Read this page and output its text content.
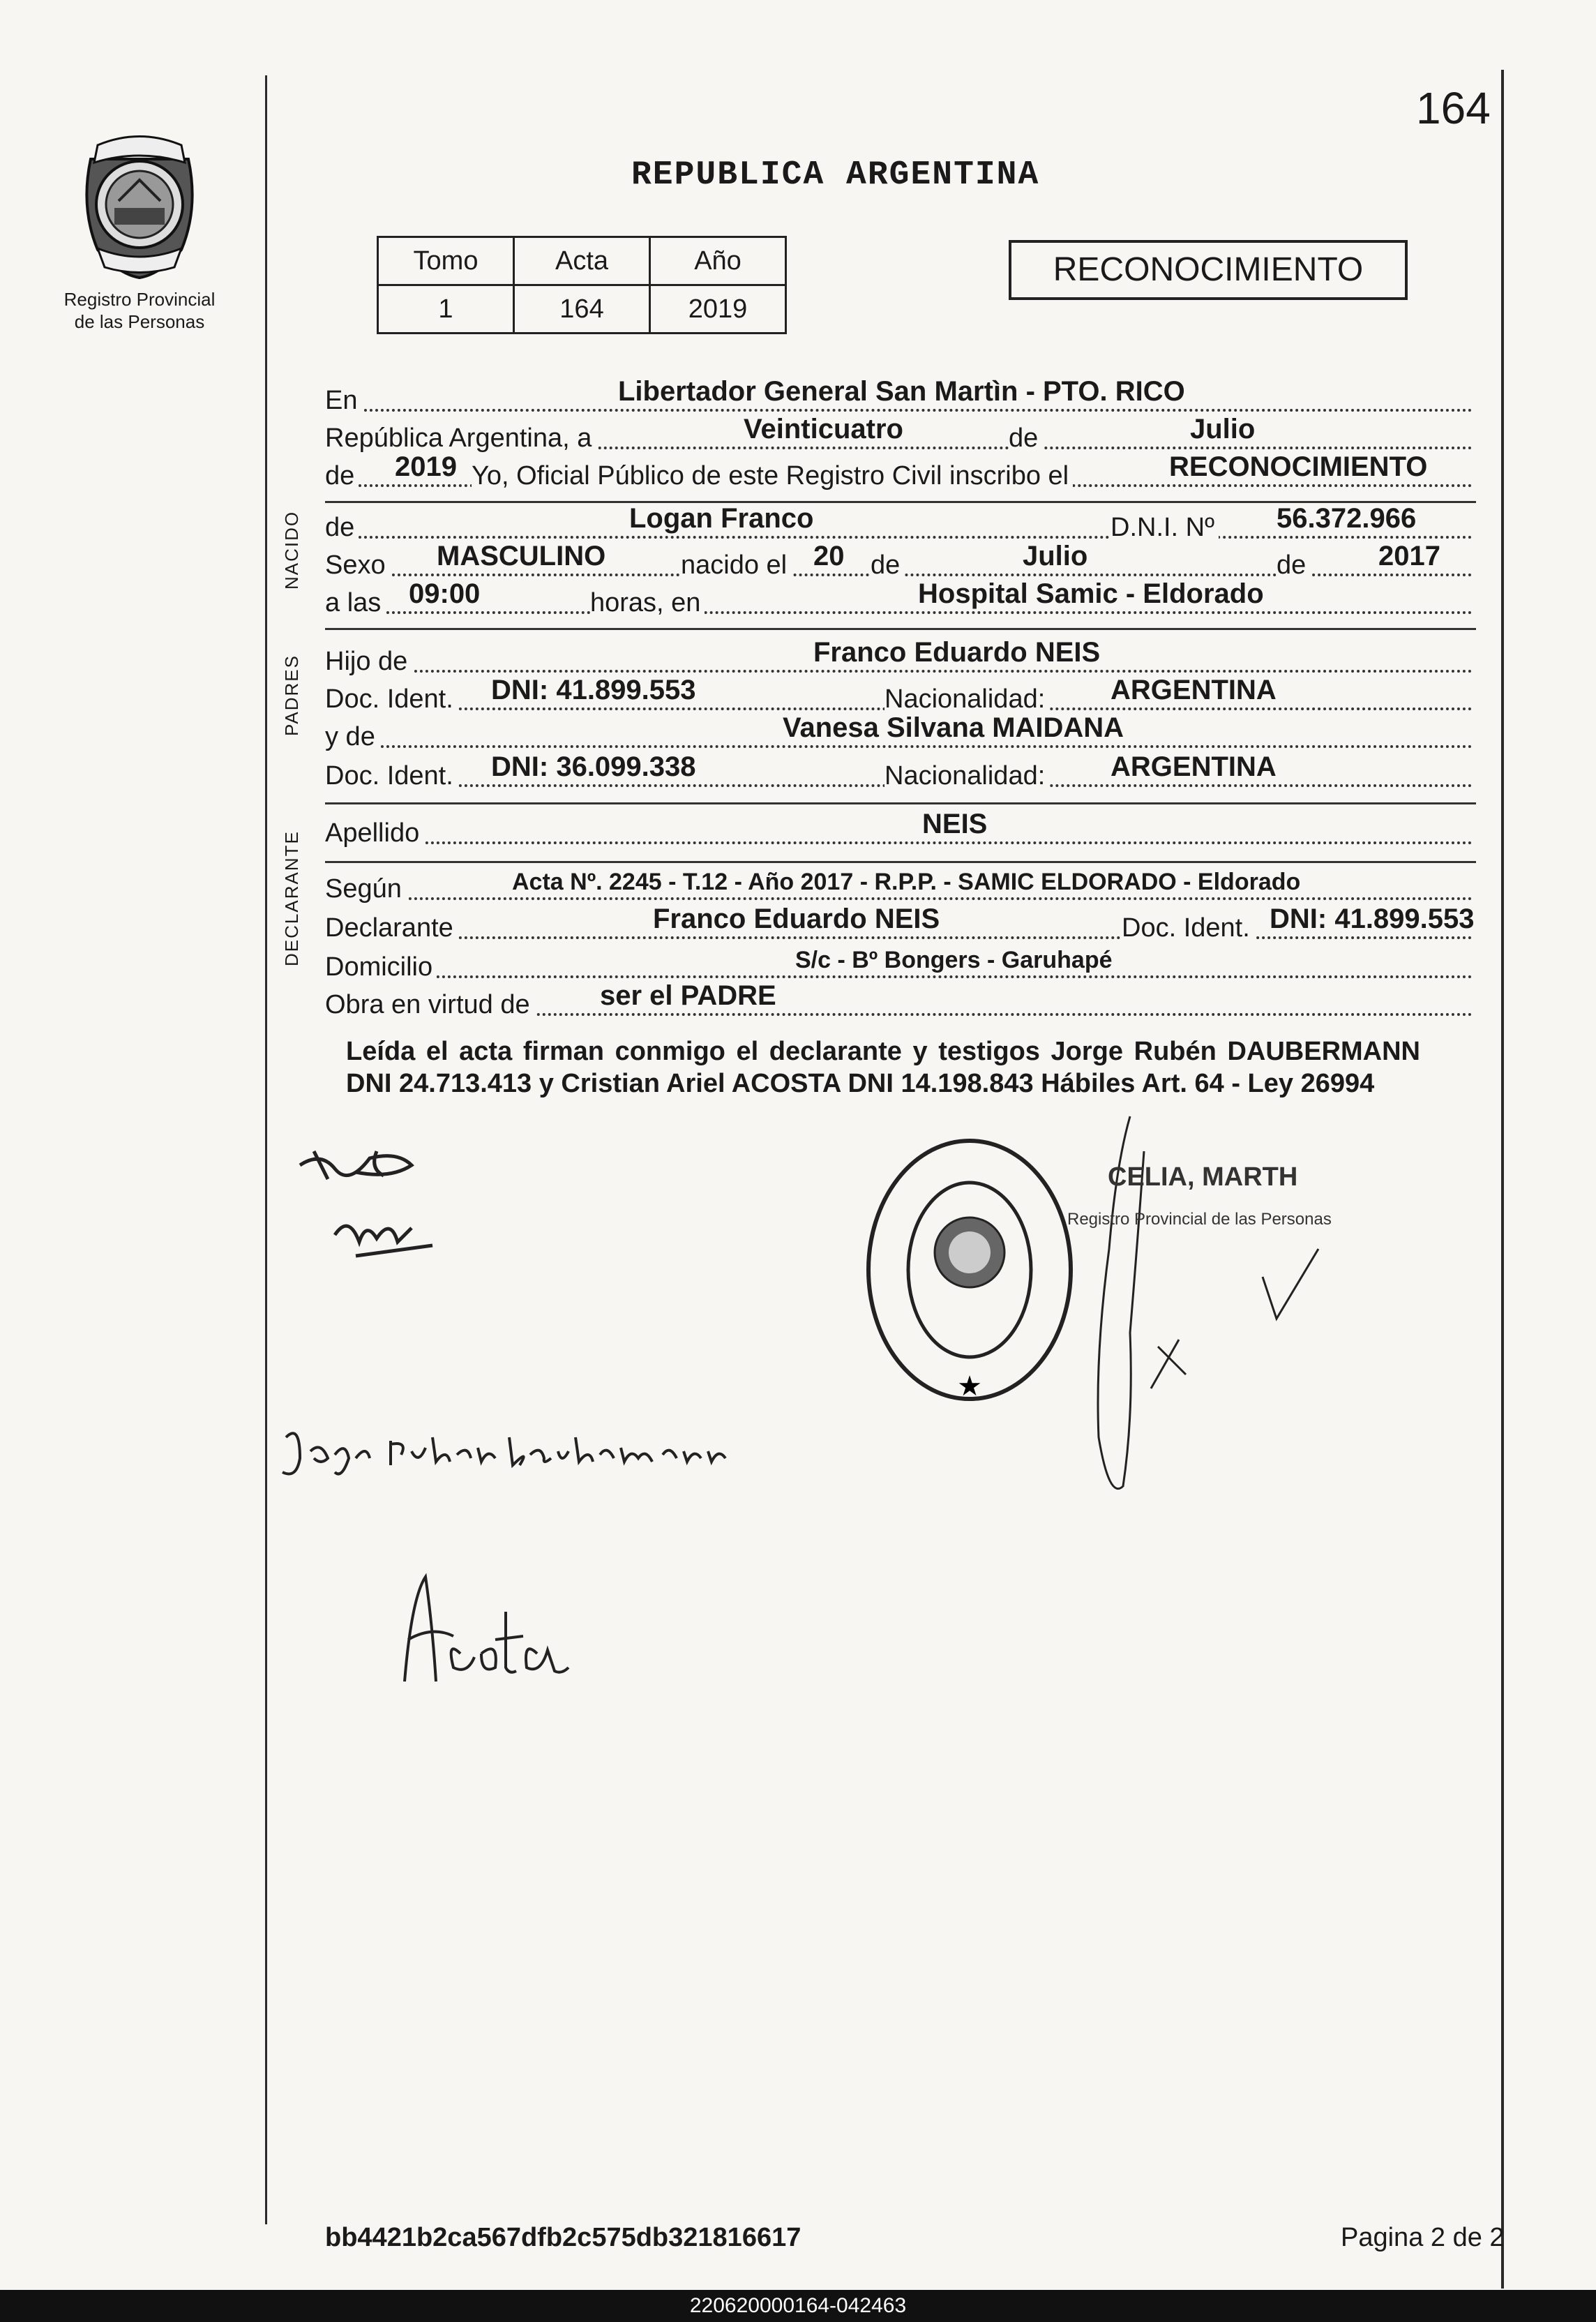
164
Registro Provincial
de las Personas
REPUBLICA ARGENTINA
Tomo	Acta	Año
1	164	2019
RECONOCIMIENTO
En	Libertador General San Martìn - PTO. RICO
República Argentina, a	Veinticuatro	de	Julio
de 2019 Yo, Oficial Público de este Registro Civil inscribo el	RECONOCIMIENTO
de	Logan Franco	D.N.I. Nº 56.372.966
Sexo MASCULINO	nacido el 20 de	Julio	de	2017
a las 09:00	horas, en	Hospital Samic - Eldorado
Hijo de	Franco Eduardo NEIS
Doc. Ident. DNI: 41.899.553	Nacionalidad: ARGENTINA
y de	Vanesa Silvana MAIDANA
Doc. Ident. DNI: 36.099.338	Nacionalidad: ARGENTINA
Apellido	NEIS
Según	Acta Nº. 2245 - T.12 - Año 2017 - R.P.P. - SAMIC ELDORADO - Eldorado
Declarante	Franco Eduardo NEIS	Doc. Ident. DNI: 41.899.553
Domicilio	S/c - Bº Bongers - Garuhapé
Obra en virtud de	ser el PADRE
NACIDO
PADRES
DECLARANTE
Leída el acta firman conmigo el declarante y testigos Jorge Rubén DAUBERMANN DNI 24.713.413 y Cristian Ariel ACOSTA DNI 14.198.843 Hábiles Art. 64 - Ley 26994
★
CELIA, MARTH
Registro Provincial de las Personas
bb4421b2ca567dfb2c575db321816617	Pagina 2 de 2
220620000164-042463
